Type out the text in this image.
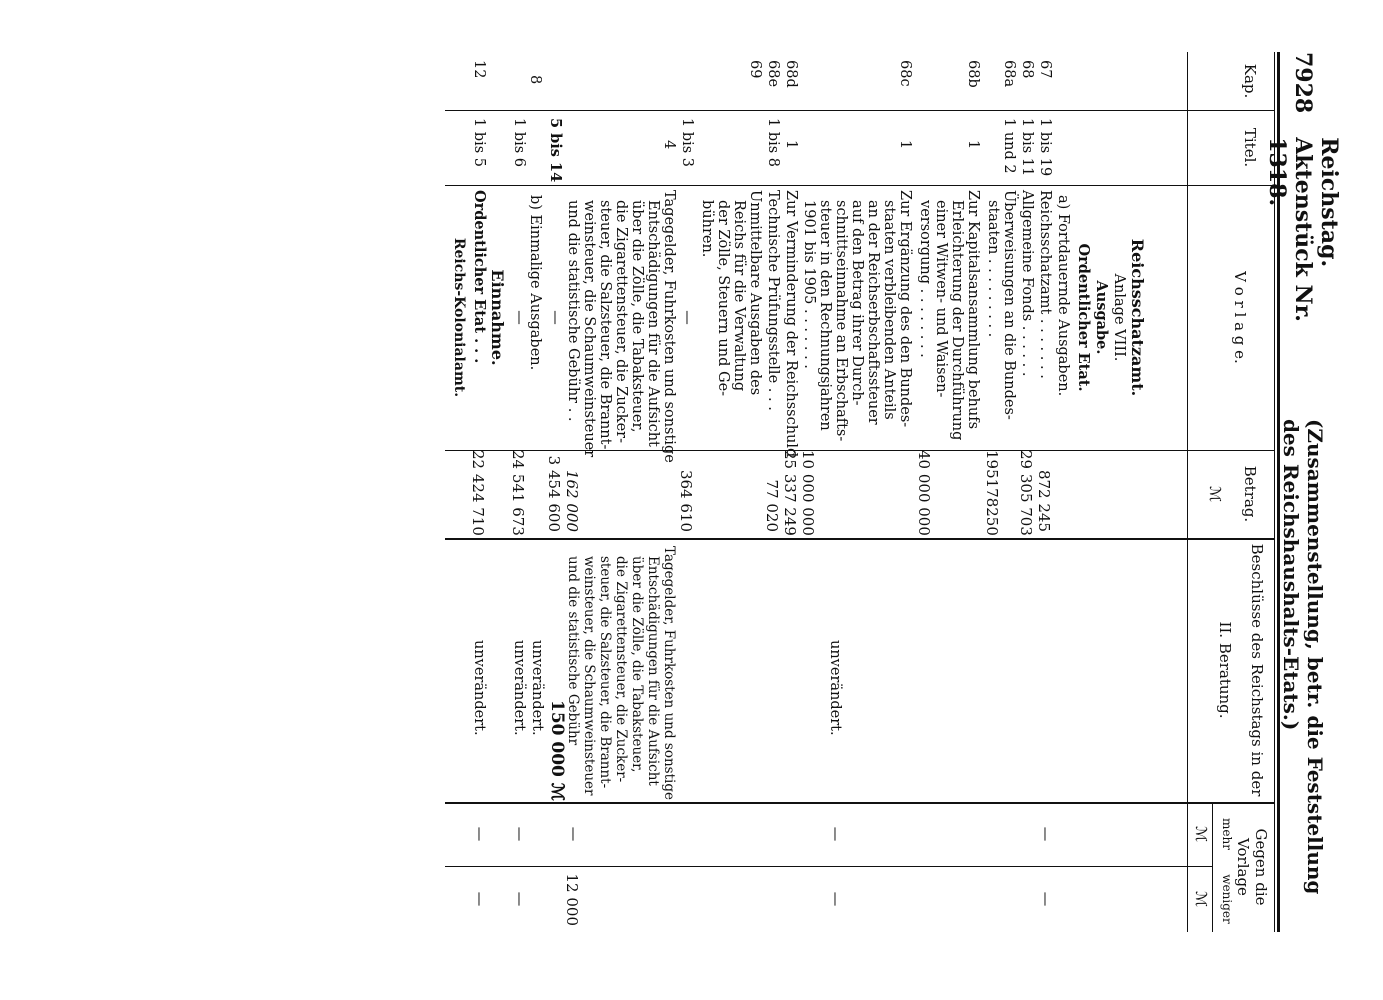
7928
Reichstag. Aktenstück Nr. 1318.
(Zusammenstellung, betr. die Feststellung des Reichshaushalts-Etats.)
Kap.
Titel.
V o r l a g e.
Betrag.
ℳ
Beschlüsse des Reichstags in der
II. Beratung.
Gegen die
Vorlage
mehr
weniger
ℳ
ℳ
Reichsschatzamt.
Anlage VIII.
Ausgabe.
Ordentlicher Etat.
a) Fortdauernde Ausgaben.
67
1 bis 19
Reichsschatzamt . . . . . . .
872 245
68
1 bis 11
Allgemeine Fonds . . . . . .
29 305 703
68a
1 und 2
Überweisungen an die Bundes-
staaten . . . . . . . . .
195178250
68b
1
Zur Kapitalsansammlung behufs
Erleichterung der Durchführung
einer Witwen- und Waisen-
versorgung . . . . . . . .
40 000 000
68c
1
Zur Ergänzung des den Bundes-
staaten verbleibenden Anteils
an der Reichserbschaftssteuer
auf den Betrag ihrer Durch-
schnittseinnahme an Erbschafts-
steuer in den Rechnungsjahren
1901 bis 1905 . . . . . . .
10 000 000
68d
1
Zur Verminderung der Reichsschuld
25 337 249
68e
1 bis 8
Technische Prüfungsstelle . . .
77 020
69
Unmittelbare Ausgaben des
Reichs für die Verwaltung
der Zölle, Steuern und Ge-
bühren.
1 bis 3
—
364 610
4
Tagegelder, Fuhrkosten und sonstige
Entschädigungen für die Aufsicht
über die Zölle, die Tabaksteuer,
die Zigarettensteuer, die Zucker-
steuer, die Salzsteuer, die Brannt-
weinsteuer, die Schaumweinsteuer
und die statistische Gebühr . .
162 000
5 bis 14
—
3 454 600
8
1 bis 6
b) Einmalige Ausgaben.
—
24 541 673
Einnahme.
12
1 bis 5
Ordentlicher Etat . . .
22 424 710
Reichs-Kolonialamt.
unverändert.
Tagegelder, Fuhrkosten und sonstige
Entschädigungen für die Aufsicht
über die Zölle, die Tabaksteuer,
die Zigarettensteuer, die Zucker-
steuer, die Salzsteuer, die Brannt-
weinsteuer, die Schaumweinsteuer
und die statistische Gebühr
150 000 ℳ
unverändert.
unverändert.
unverändert.
—
—
—
—
—
12 000
—
—
—
—
